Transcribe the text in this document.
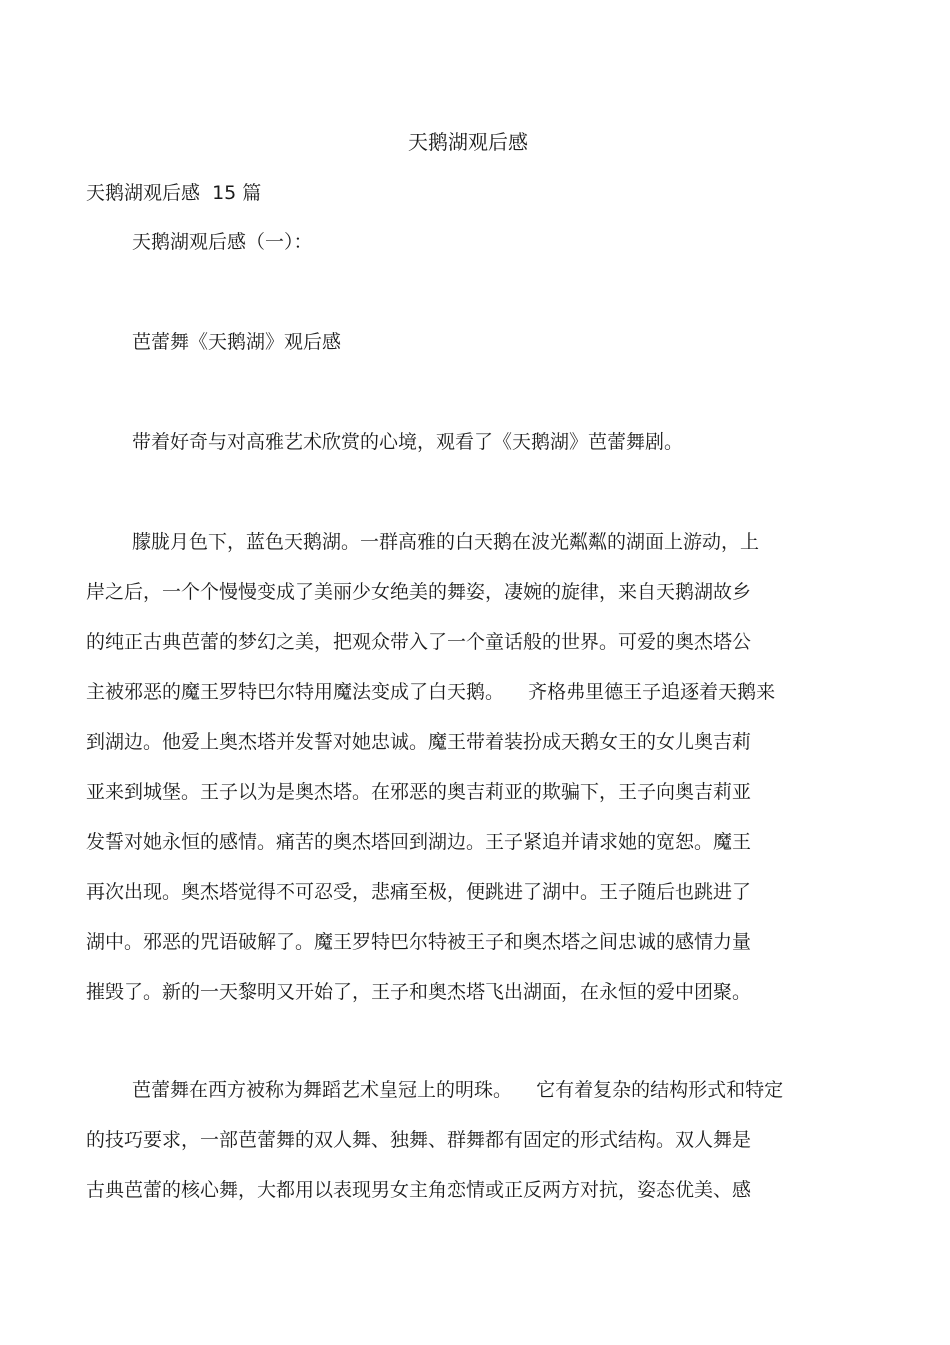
天鹅湖观后感
天鹅湖观后感  15 篇
天鹅湖观后感（一）：
芭蕾舞《天鹅湖》观后感
带着好奇与对高雅艺术欣赏的心境，观看了《天鹅湖》芭蕾舞剧。
朦胧月色下，蓝色天鹅湖。一群高雅的白天鹅在波光粼粼的湖面上游动，上
岸之后，一个个慢慢变成了美丽少女绝美的舞姿，凄婉的旋律，来自天鹅湖故乡
的纯正古典芭蕾的梦幻之美，把观众带入了一个童话般的世界。可爱的奥杰塔公
主被邪恶的魔王罗特巴尔特用魔法变成了白天鹅。    齐格弗里德王子追逐着天鹅来
到湖边。他爱上奥杰塔并发誓对她忠诚。魔王带着装扮成天鹅女王的女儿奥吉莉
亚来到城堡。王子以为是奥杰塔。在邪恶的奥吉莉亚的欺骗下，王子向奥吉莉亚
发誓对她永恒的感情。痛苦的奥杰塔回到湖边。王子紧追并请求她的宽恕。魔王
再次出现。奥杰塔觉得不可忍受，悲痛至极，便跳进了湖中。王子随后也跳进了
湖中。邪恶的咒语破解了。魔王罗特巴尔特被王子和奥杰塔之间忠诚的感情力量
摧毁了。新的一天黎明又开始了，王子和奥杰塔飞出湖面，在永恒的爱中团聚。
芭蕾舞在西方被称为舞蹈艺术皇冠上的明珠。    它有着复杂的结构形式和特定
的技巧要求，一部芭蕾舞的双人舞、独舞、群舞都有固定的形式结构。双人舞是
古典芭蕾的核心舞，大都用以表现男女主角恋情或正反两方对抗，姿态优美、感
